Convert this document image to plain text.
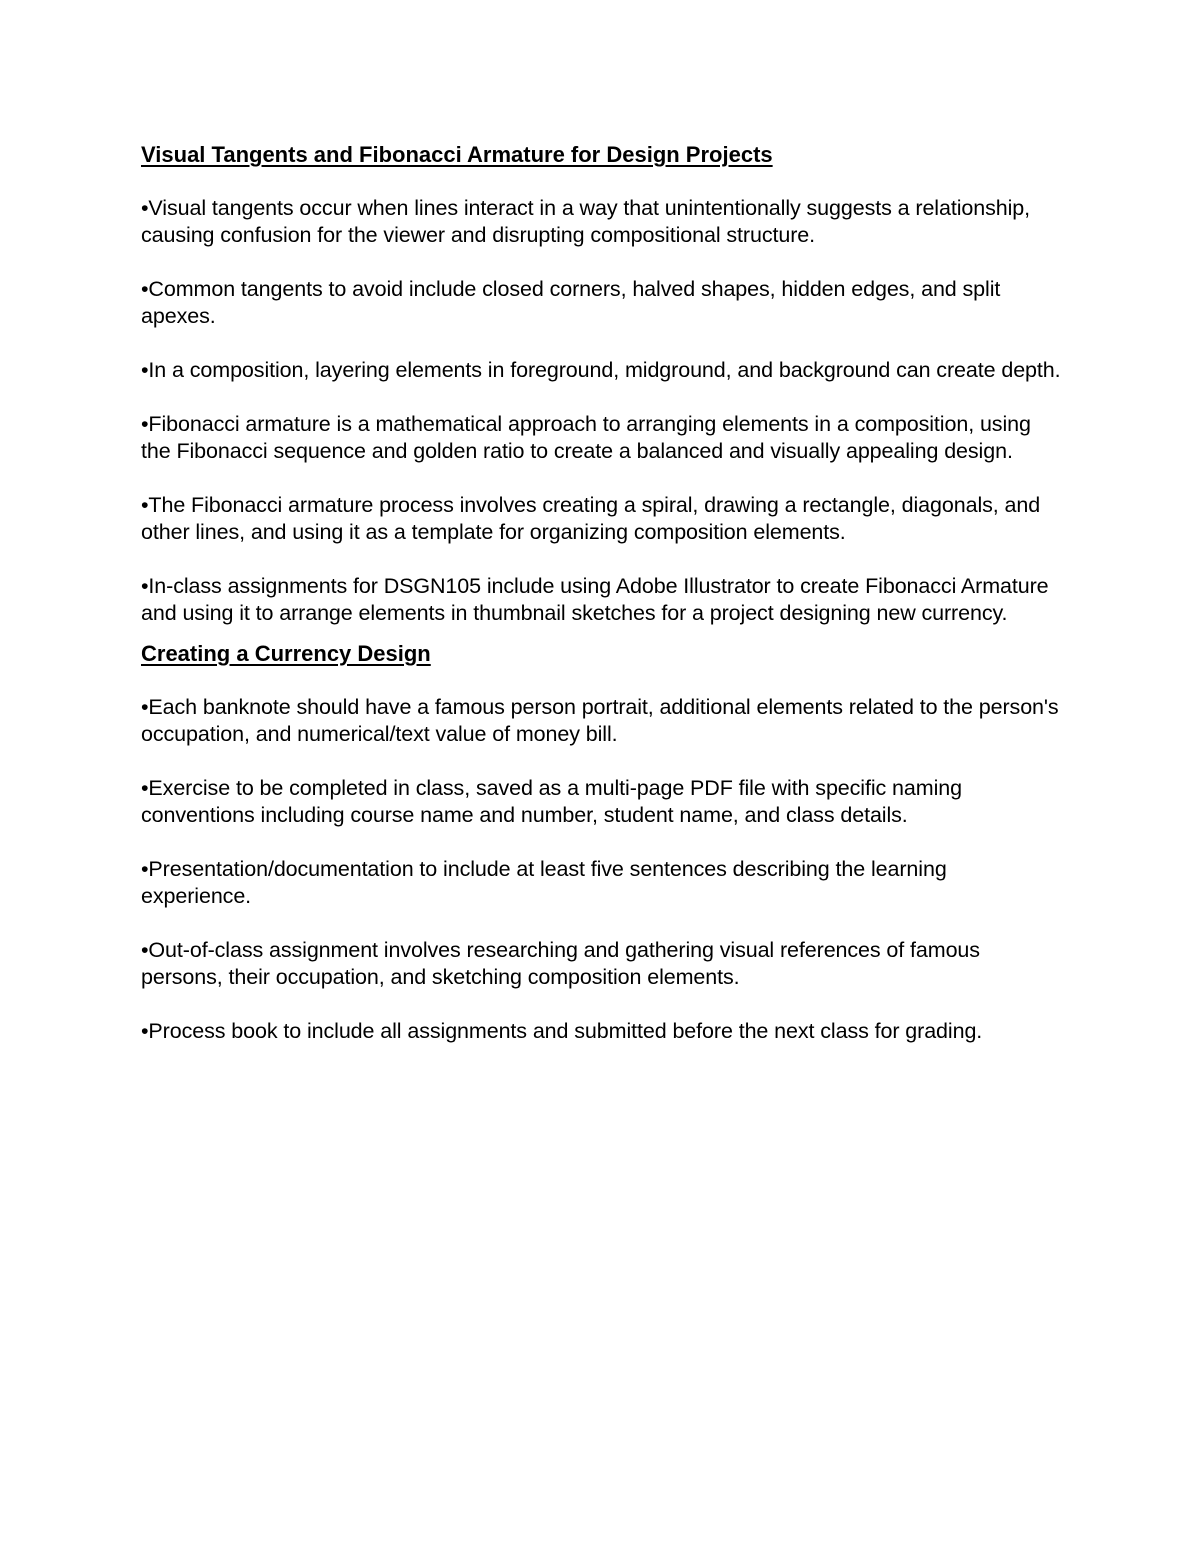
Visual Tangents and Fibonacci Armature for Design Projects

•Visual tangents occur when lines interact in a way that unintentionally suggests a relationship, causing confusion for the viewer and disrupting compositional structure.

•Common tangents to avoid include closed corners, halved shapes, hidden edges, and split apexes.

•In a composition, layering elements in foreground, midground, and background can create depth.

•Fibonacci armature is a mathematical approach to arranging elements in a composition, using the Fibonacci sequence and golden ratio to create a balanced and visually appealing design.

•The Fibonacci armature process involves creating a spiral, drawing a rectangle, diagonals, and other lines, and using it as a template for organizing composition elements.

•In-class assignments for DSGN105 include using Adobe Illustrator to create Fibonacci Armature and using it to arrange elements in thumbnail sketches for a project designing new currency.

Creating a Currency Design

•Each banknote should have a famous person portrait, additional elements related to the person's occupation, and numerical/text value of money bill.

•Exercise to be completed in class, saved as a multi-page PDF file with specific naming conventions including course name and number, student name, and class details.

•Presentation/documentation to include at least five sentences describing the learning experience.

•Out-of-class assignment involves researching and gathering visual references of famous persons, their occupation, and sketching composition elements.

•Process book to include all assignments and submitted before the next class for grading.
